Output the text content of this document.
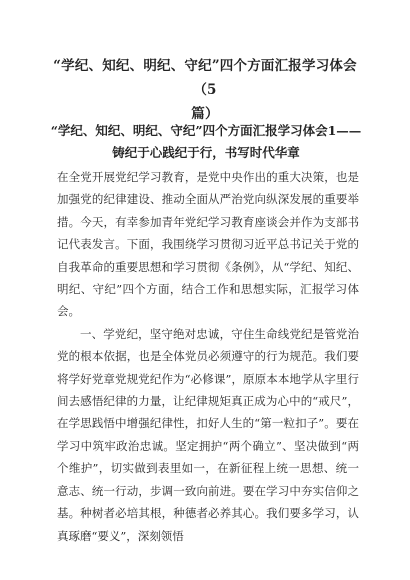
“学纪、知纪、明纪、守纪”四个方面汇报学习体会（5
篇）
“学纪、知纪、明纪、守纪”四个方面汇报学习体会1——
铸纪于心践纪于行，书写时代华章

在全党开展党纪学习教育，是党中央作出的重大决策，也是加强党的纪律建设、推动全面从严治党向纵深发展的重要举措。今天，有幸参加青年党纪学习教育座谈会并作为支部书记代表发言。下面，我围绕学习贯彻习近平总书记关于党的自我革命的重要思想和学习贯彻《条例》，从“学纪、知纪、明纪、守纪”四个方面，结合工作和思想实际，汇报学习体会。

一、学党纪，坚守绝对忠诚，守住生命线党纪是管党治党的根本依据，也是全体党员必须遵守的行为规范。我们要将学好党章党规党纪作为“必修课”，原原本本地学从字里行间去感悟纪律的力量，让纪律规矩真正成为心中的“戒尺”，在学思践悟中增强纪律性，扣好人生的“第一粒扣子”。要在学习中筑牢政治忠诚。坚定拥护“两个确立”、坚决做到“两个维护”，切实做到表里如一，在新征程上统一思想、统一意志、统一行动，步调一致向前进。要在学习中夯实信仰之基。种树者必培其根，种德者必养其心。我们要多学习，认真琢磨“要义”，深刻领悟
